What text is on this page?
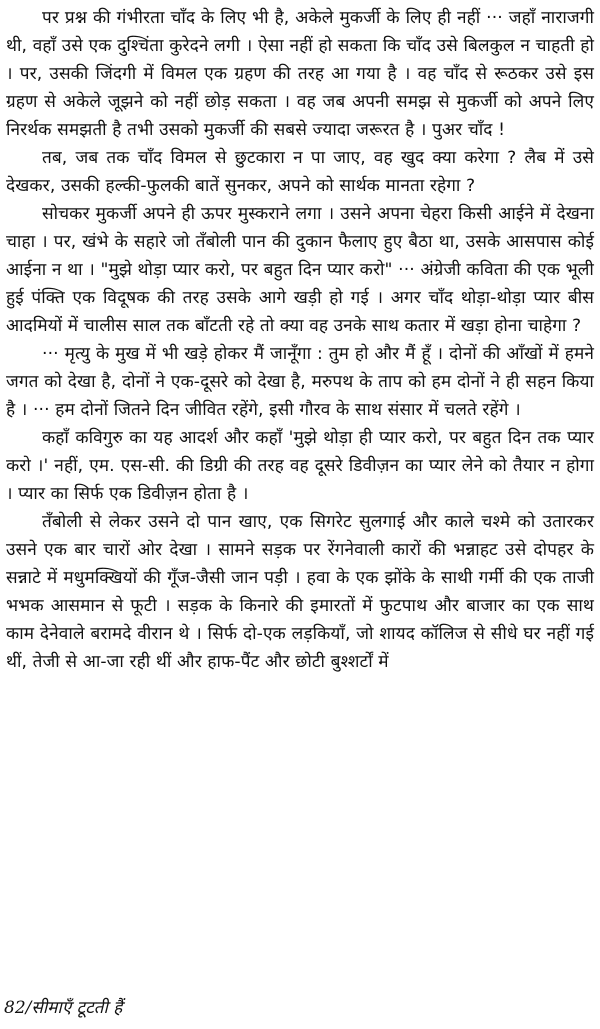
पर प्रश्न की गंभीरता चाँद के लिए भी है, अकेले मुकर्जी के लिए ही नहीं ··· जहाँ नाराजगी थी, वहाँ उसे एक दुश्चिंता कुरेदने लगी । ऐसा नहीं हो सकता कि चाँद उसे बिलकुल न चाहती हो । पर, उसकी जिंदगी में विमल एक ग्रहण की तरह आ गया है । वह चाँद से रूठकर उसे इस ग्रहण से अकेले जूझने को नहीं छोड़ सकता । वह जब अपनी समझ से मुकर्जी को अपने लिए निरर्थक समझती है तभी उसको मुकर्जी की सबसे ज्यादा जरूरत है । पुअर चाँद !

तब, जब तक चाँद विमल से छुटकारा न पा जाए, वह खुद क्या करेगा ? लैब में उसे देखकर, उसकी हल्की-फुलकी बातें सुनकर, अपने को सार्थक मानता रहेगा ?

सोचकर मुकर्जी अपने ही ऊपर मुस्कराने लगा । उसने अपना चेहरा किसी आईने में देखना चाहा । पर, खंभे के सहारे जो तँबोली पान की दुकान फैलाए हुए बैठा था, उसके आसपास कोई आईना न था । "मुझे थोड़ा प्यार करो, पर बहुत दिन प्यार करो" ··· अंग्रेजी कविता की एक भूली हुई पंक्ति एक विदूषक की तरह उसके आगे खड़ी हो गई । अगर चाँद थोड़ा-थोड़ा प्यार बीस आदमियों में चालीस साल तक बाँटती रहे तो क्या वह उनके साथ कतार में खड़ा होना चाहेगा ?

··· मृत्यु के मुख में भी खड़े होकर मैं जानूँगा : तुम हो और मैं हूँ । दोनों की आँखों में हमने जगत को देखा है, दोनों ने एक-दूसरे को देखा है, मरुपथ के ताप को हम दोनों ने ही सहन किया है । ··· हम दोनों जितने दिन जीवित रहेंगे, इसी गौरव के साथ संसार में चलते रहेंगे ।

कहाँ कविगुरु का यह आदर्श और कहाँ 'मुझे थोड़ा ही प्यार करो, पर बहुत दिन तक प्यार करो ।' नहीं, एम. एस-सी. की डिग्री की तरह वह दूसरे डिवीज़न का प्यार लेने को तैयार न होगा । प्यार का सिर्फ एक डिवीज़न होता है ।

तँबोली से लेकर उसने दो पान खाए, एक सिगरेट सुलगाई और काले चश्मे को उतारकर उसने एक बार चारों ओर देखा । सामने सड़क पर रेंगनेवाली कारों की भन्नाहट उसे दोपहर के सन्नाटे में मधुमक्खियों की गूँज-जैसी जान पड़ी । हवा के एक झोंके के साथी गर्मी की एक ताजी भभक आसमान से फूटी । सड़क के किनारे की इमारतों में फुटपाथ और बाजार का एक साथ काम देनेवाले बरामदे वीरान थे । सिर्फ दो-एक लड़कियाँ, जो शायद कॉलिज से सीधे घर नहीं गई थीं, तेजी से आ-जा रही थीं और हाफ-पैंट और छोटी बुश्शर्टों में

82/सीमाएँ टूटती हैं
